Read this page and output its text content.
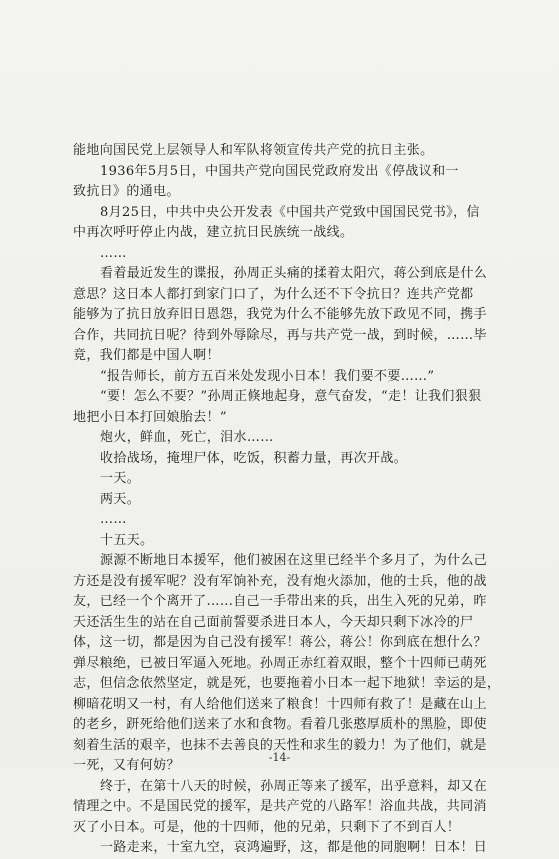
能地向国民党上层领导人和军队将领宣传共产党的抗日主张。
1936年5月5日，中国共产党向国民党政府发出《停战议和一
致抗日》的通电。
8月25日，中共中央公开发表《中国共产党致中国国民党书》，信
中再次呼吁停止内战，建立抗日民族统一战线。
……
看着最近发生的谍报，孙周正头痛的揉着太阳穴，蒋公到底是什么
意思？这日本人都打到家门口了，为什么还不下令抗日？连共产党都
能够为了抗日放弃旧日恩怨，我党为什么不能够先放下政见不同，携手
合作，共同抗日呢？待到外辱除尽，再与共产党一战，到时候，……毕
竟，我们都是中国人啊！
“报告师长，前方五百米处发现小日本！我们要不要……”
“要！怎么不要？”孙周正倏地起身，意气奋发，“走！让我们狠狠
地把小日本打回娘胎去！”
炮火，鲜血，死亡，泪水……
收拾战场，掩埋尸体，吃饭，积蓄力量，再次开战。
一天。
两天。
……
十五天。
源源不断地日本援军，他们被困在这里已经半个多月了，为什么己
方还是没有援军呢？没有军饷补充，没有炮火添加，他的士兵，他的战
友，已经一个个离开了……自己一手带出来的兵，出生入死的兄弟，昨
天还活生生的站在自己面前誓要杀进日本人，今天却只剩下冰冷的尸
体，这一切，都是因为自己没有援军！蒋公，蒋公！你到底在想什么？
弹尽粮绝，已被日军逼入死地。孙周正赤红着双眼，整个十四师已萌死
志，但信念依然坚定，就是死，也要拖着小日本一起下地狱！幸运的是，
柳暗花明又一村，有人给他们送来了粮食！十四师有救了！是藏在山上
的老乡，趼死给他们送来了水和食物。看着几张憨厚质朴的黑脸，即使
刻着生活的艰辛，也抹不去善良的天性和求生的毅力！为了他们，就是
一死，又有何妨？
终于，在第十八天的时候，孙周正等来了援军，出乎意料，却又在
情理之中。不是国民党的援军，是共产党的八路军！浴血共战，共同消
灭了小日本。可是，他的十四师，他的兄弟，只剩下了不到百人！
一路走来，十室九空，哀鸿遍野，这，都是他的同胞啊！日本！日
-14-
